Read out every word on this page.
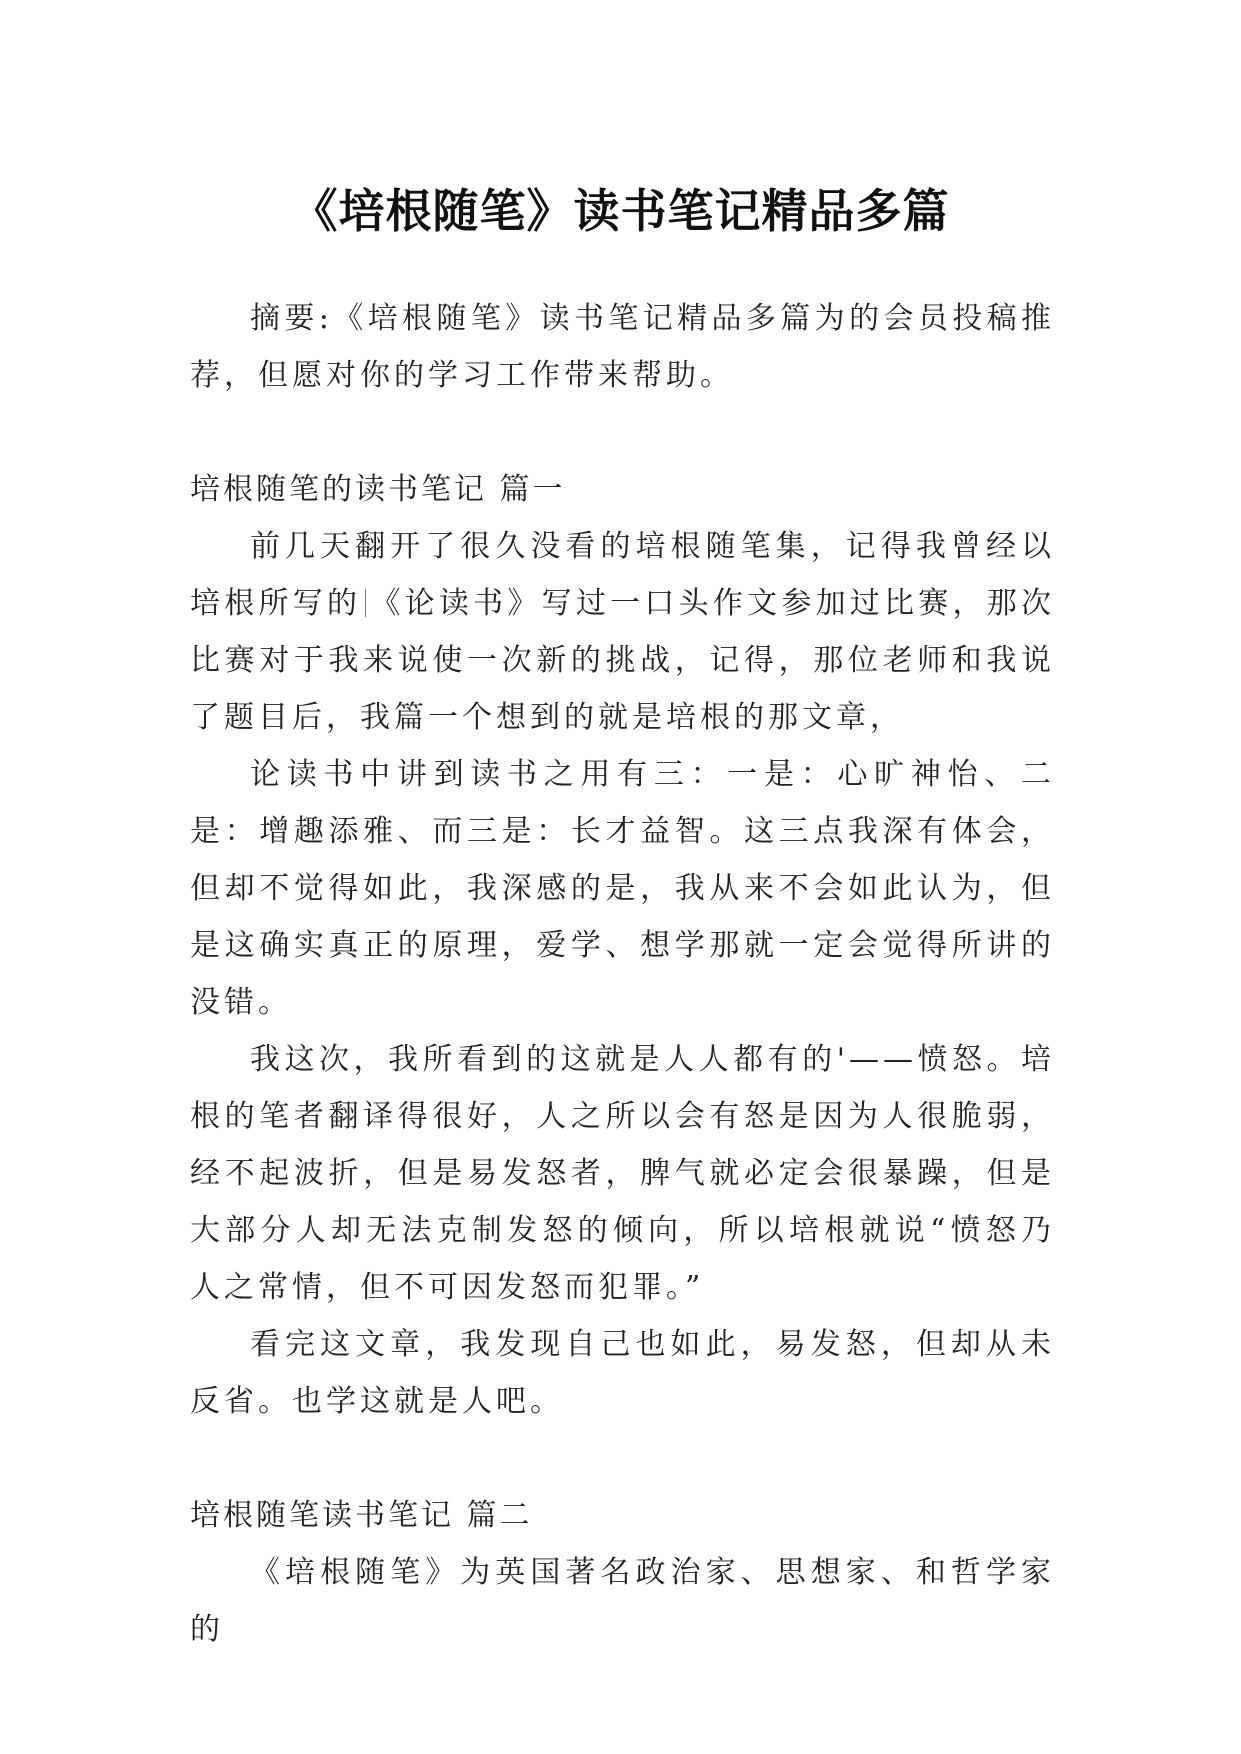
《培根随笔》读书笔记精品多篇

摘要:《培根随笔》读书笔记精品多篇为的会员投稿推荐，但愿对你的学习工作带来帮助。

培根随笔的读书笔记 篇一

前几天翻开了很久没看的培根随笔集，记得我曾经以培根所写的 《论读书》写过一口头作文参加过比赛，那次比赛对于我来说使一次新的挑战，记得，那位老师和我说了题目后，我篇一个想到的就是培根的那文章，

论读书中讲到读书之用有三：一是：心旷神怡、二是：增趣添雅、而三是：长才益智。这三点我深有体会，但却不觉得如此，我深感的是，我从来不会如此认为，但是这确实真正的原理，爱学、想学那就一定会觉得所讲的没错。

我这次，我所看到的这就是人人都有的'——愤怒。培根的笔者翻译得很好，人之所以会有怒是因为人很脆弱，经不起波折，但是易发怒者，脾气就必定会很暴躁，但是大部分人却无法克制发怒的倾向，所以培根就说“愤怒乃人之常情，但不可因发怒而犯罪。”

看完这文章，我发现自己也如此，易发怒，但却从未反省。也学这就是人吧。

培根随笔读书笔记 篇二

《培根随笔》为英国著名政治家、思想家、和哲学家的
